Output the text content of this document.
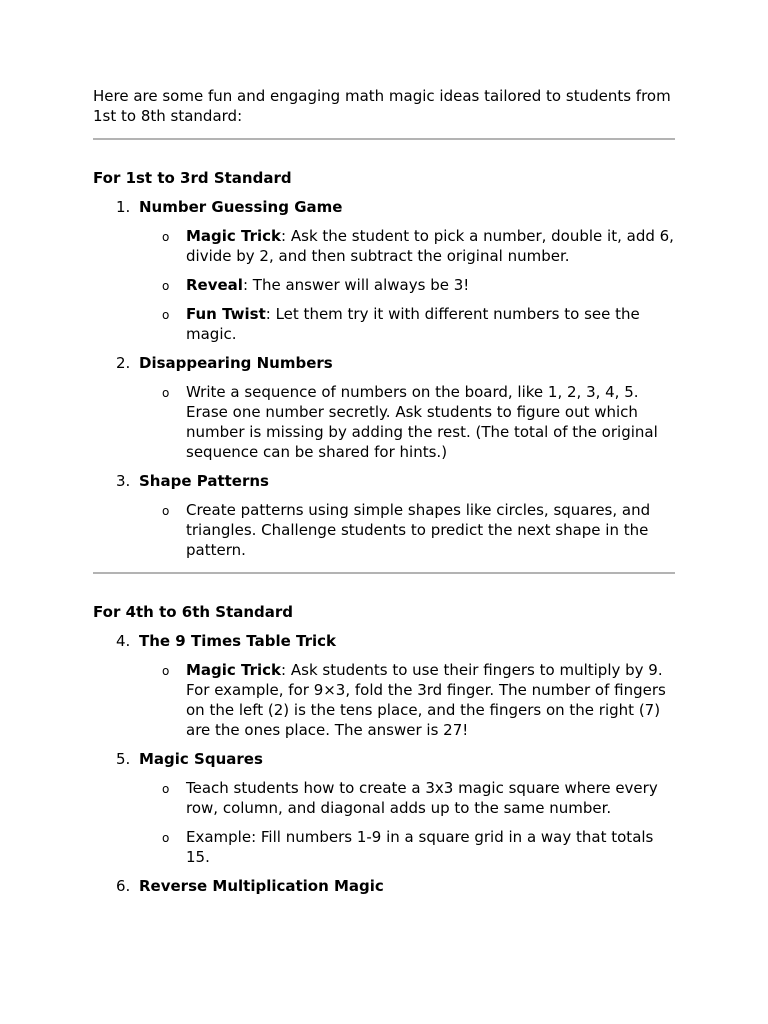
Here are some fun and engaging math magic ideas tailored to students from 1st to 8th standard:

For 1st to 3rd Standard
1. Number Guessing Game
o Magic Trick: Ask the student to pick a number, double it, add 6, divide by 2, and then subtract the original number.
o Reveal: The answer will always be 3!
o Fun Twist: Let them try it with different numbers to see the magic.
2. Disappearing Numbers
o Write a sequence of numbers on the board, like 1, 2, 3, 4, 5. Erase one number secretly. Ask students to figure out which number is missing by adding the rest. (The total of the original sequence can be shared for hints.)
3. Shape Patterns
o Create patterns using simple shapes like circles, squares, and triangles. Challenge students to predict the next shape in the pattern.
For 4th to 6th Standard
4. The 9 Times Table Trick
o Magic Trick: Ask students to use their fingers to multiply by 9. For example, for 9×3, fold the 3rd finger. The number of fingers on the left (2) is the tens place, and the fingers on the right (7) are the ones place. The answer is 27!
5. Magic Squares
o Teach students how to create a 3x3 magic square where every row, column, and diagonal adds up to the same number.
o Example: Fill numbers 1-9 in a square grid in a way that totals 15.
6. Reverse Multiplication Magic
